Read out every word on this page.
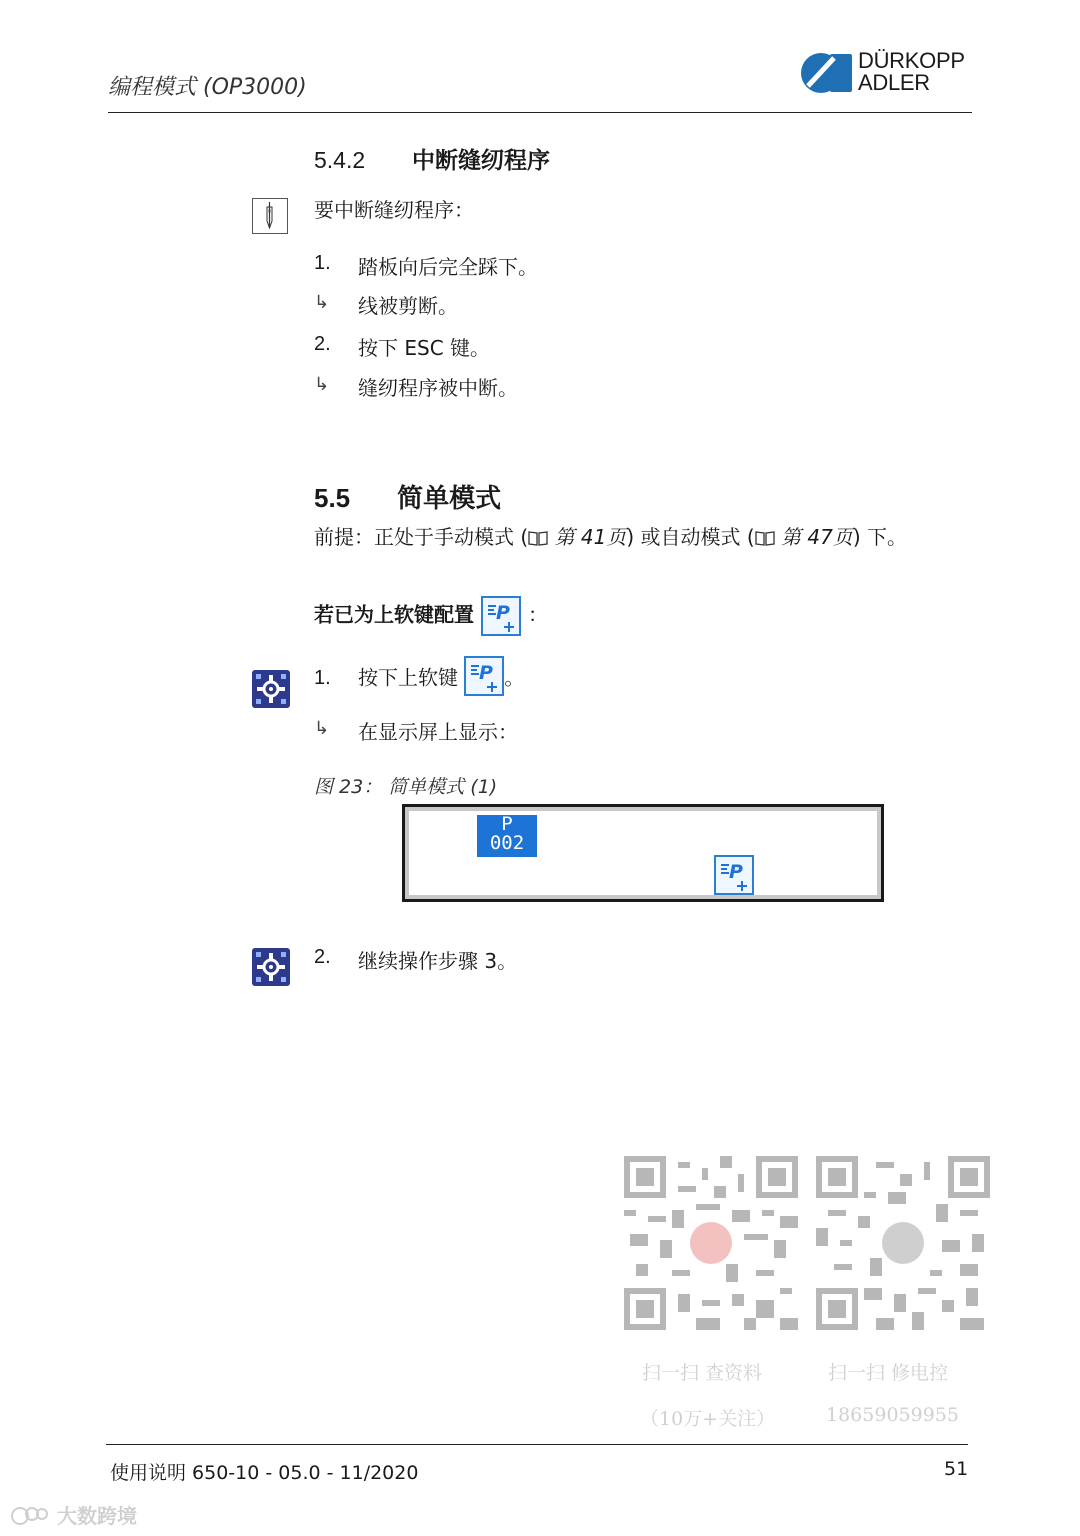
编程模式 (OP3000)
DÜRKOPP
ADLER
5.4.2 中断缝纫程序
要中断缝纫程序：
1. 踏板向后完全踩下。
↳ 线被剪断。
2. 按下 ESC 键。
↳ 缝纫程序被中断。
5.5 简单模式
前提：正处于手动模式 ( 第 41页) 或自动模式 ( 第 47页) 下。
若已为上软键配置 P ：
1. 按下上软键 P 。
↳ 在显示屏上显示：
图 23： 简单模式 (1)
P
002
P
2. 继续操作步骤 3。
扫一扫 查资料
（10万+关注）
扫一扫 修电控
18659059955
使用说明 650-10 - 05.0 - 11/2020	51
大数跨境
